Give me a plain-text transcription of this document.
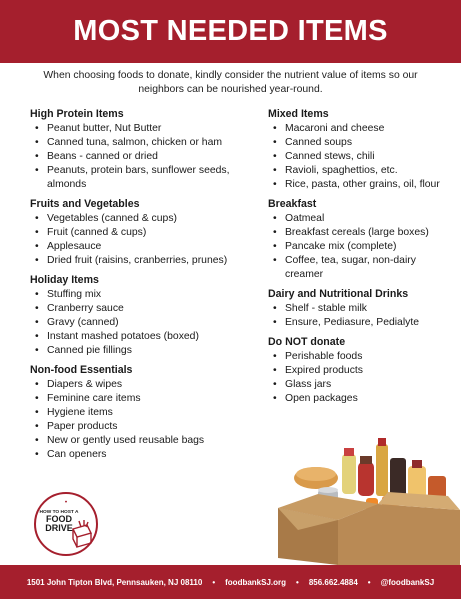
MOST NEEDED ITEMS

When choosing foods to donate, kindly consider the nutrient value of items so our neighbors can be nourished year-round.

High Protein Items
• Peanut butter, Nut Butter
• Canned tuna, salmon, chicken or ham
• Beans - canned or dried
• Peanuts, protein bars, sunflower seeds, almonds
Fruits and Vegetables
• Vegetables (canned & cups)
• Fruit (canned & cups)
• Applesauce
• Dried fruit (raisins, cranberries, prunes)
Holiday Items
• Stuffing mix
• Cranberry sauce
• Gravy (canned)
• Instant mashed potatoes (boxed)
• Canned pie fillings
Non-food Essentials
• Diapers & wipes
• Feminine care items
• Hygiene items
• Paper products
• New or gently used reusable bags
• Can openers
Mixed Items
• Macaroni and cheese
• Canned soups
• Canned stews, chili
• Ravioli, spaghettios, etc.
• Rice, pasta, other grains, oil, flour
Breakfast
• Oatmeal
• Breakfast cereals (large boxes)
• Pancake mix (complete)
• Coffee, tea, sugar, non-dairy creamer
Dairy and Nutritional Drinks
• Shelf - stable milk
• Ensure, Pediasure, Pedialyte
Do NOT donate
• Perishable foods
• Expired products
• Glass jars
• Open packages
♥
HOW TO HOST A
FOOD
DRIVE
1501 John Tipton Blvd, Pennsauken, NJ 08110 • foodbankSJ.org • 856.662.4884 • @foodbankSJ
